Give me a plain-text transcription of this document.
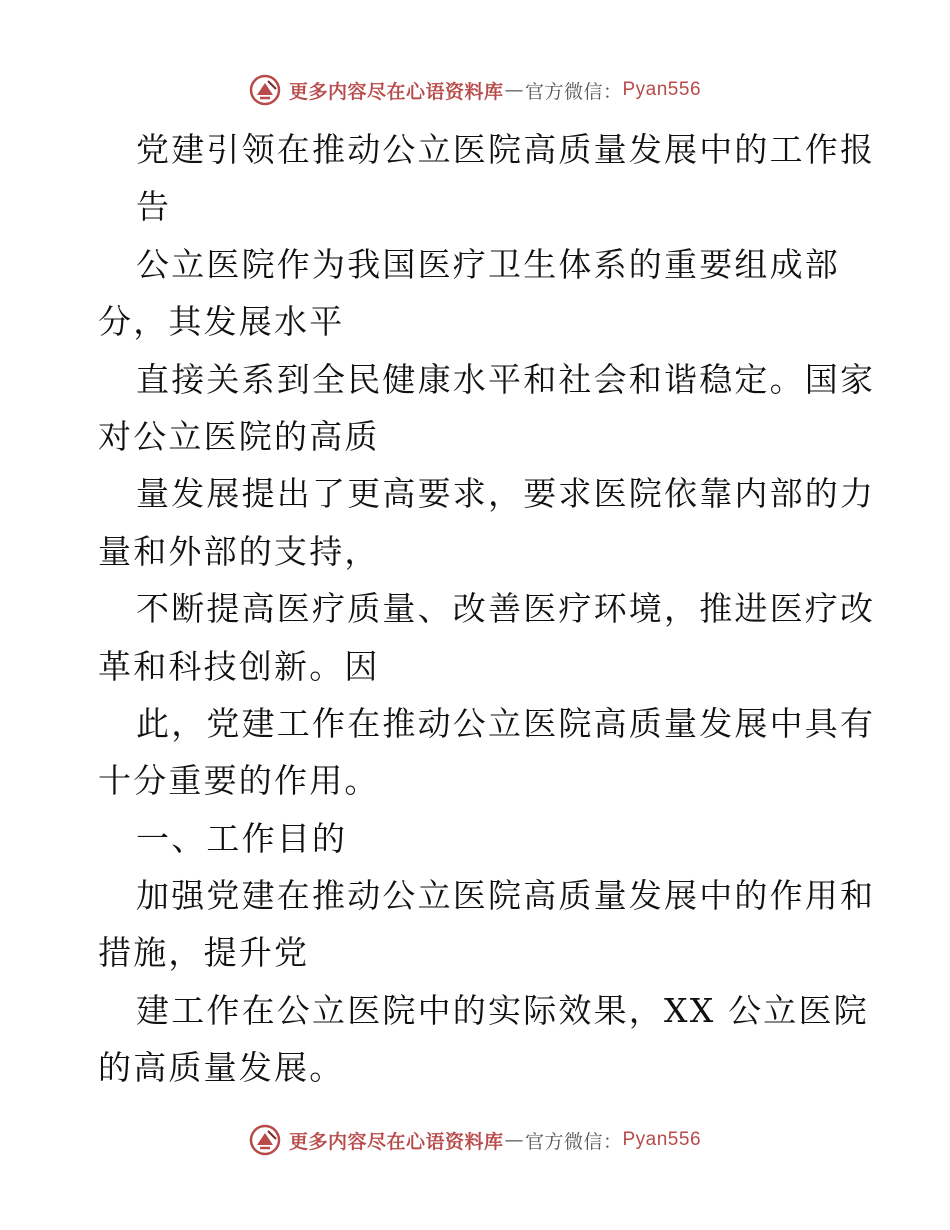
更多内容尽在心语资料库 — 官方微信： Pyan556
党建引领在推动公立医院高质量发展中的工作报
告
公立医院作为我国医疗卫生体系的重要组成部
分，其发展水平
直接关系到全民健康水平和社会和谐稳定。国家
对公立医院的高质
量发展提出了更高要求，要求医院依靠内部的力
量和外部的支持，
不断提高医疗质量、改善医疗环境，推进医疗改
革和科技创新。因
此，党建工作在推动公立医院高质量发展中具有
十分重要的作用。
一、工作目的
加强党建在推动公立医院高质量发展中的作用和
措施，提升党
建工作在公立医院中的实际效果，XX 公立医院
的高质量发展。
更多内容尽在心语资料库 — 官方微信： Pyan556
